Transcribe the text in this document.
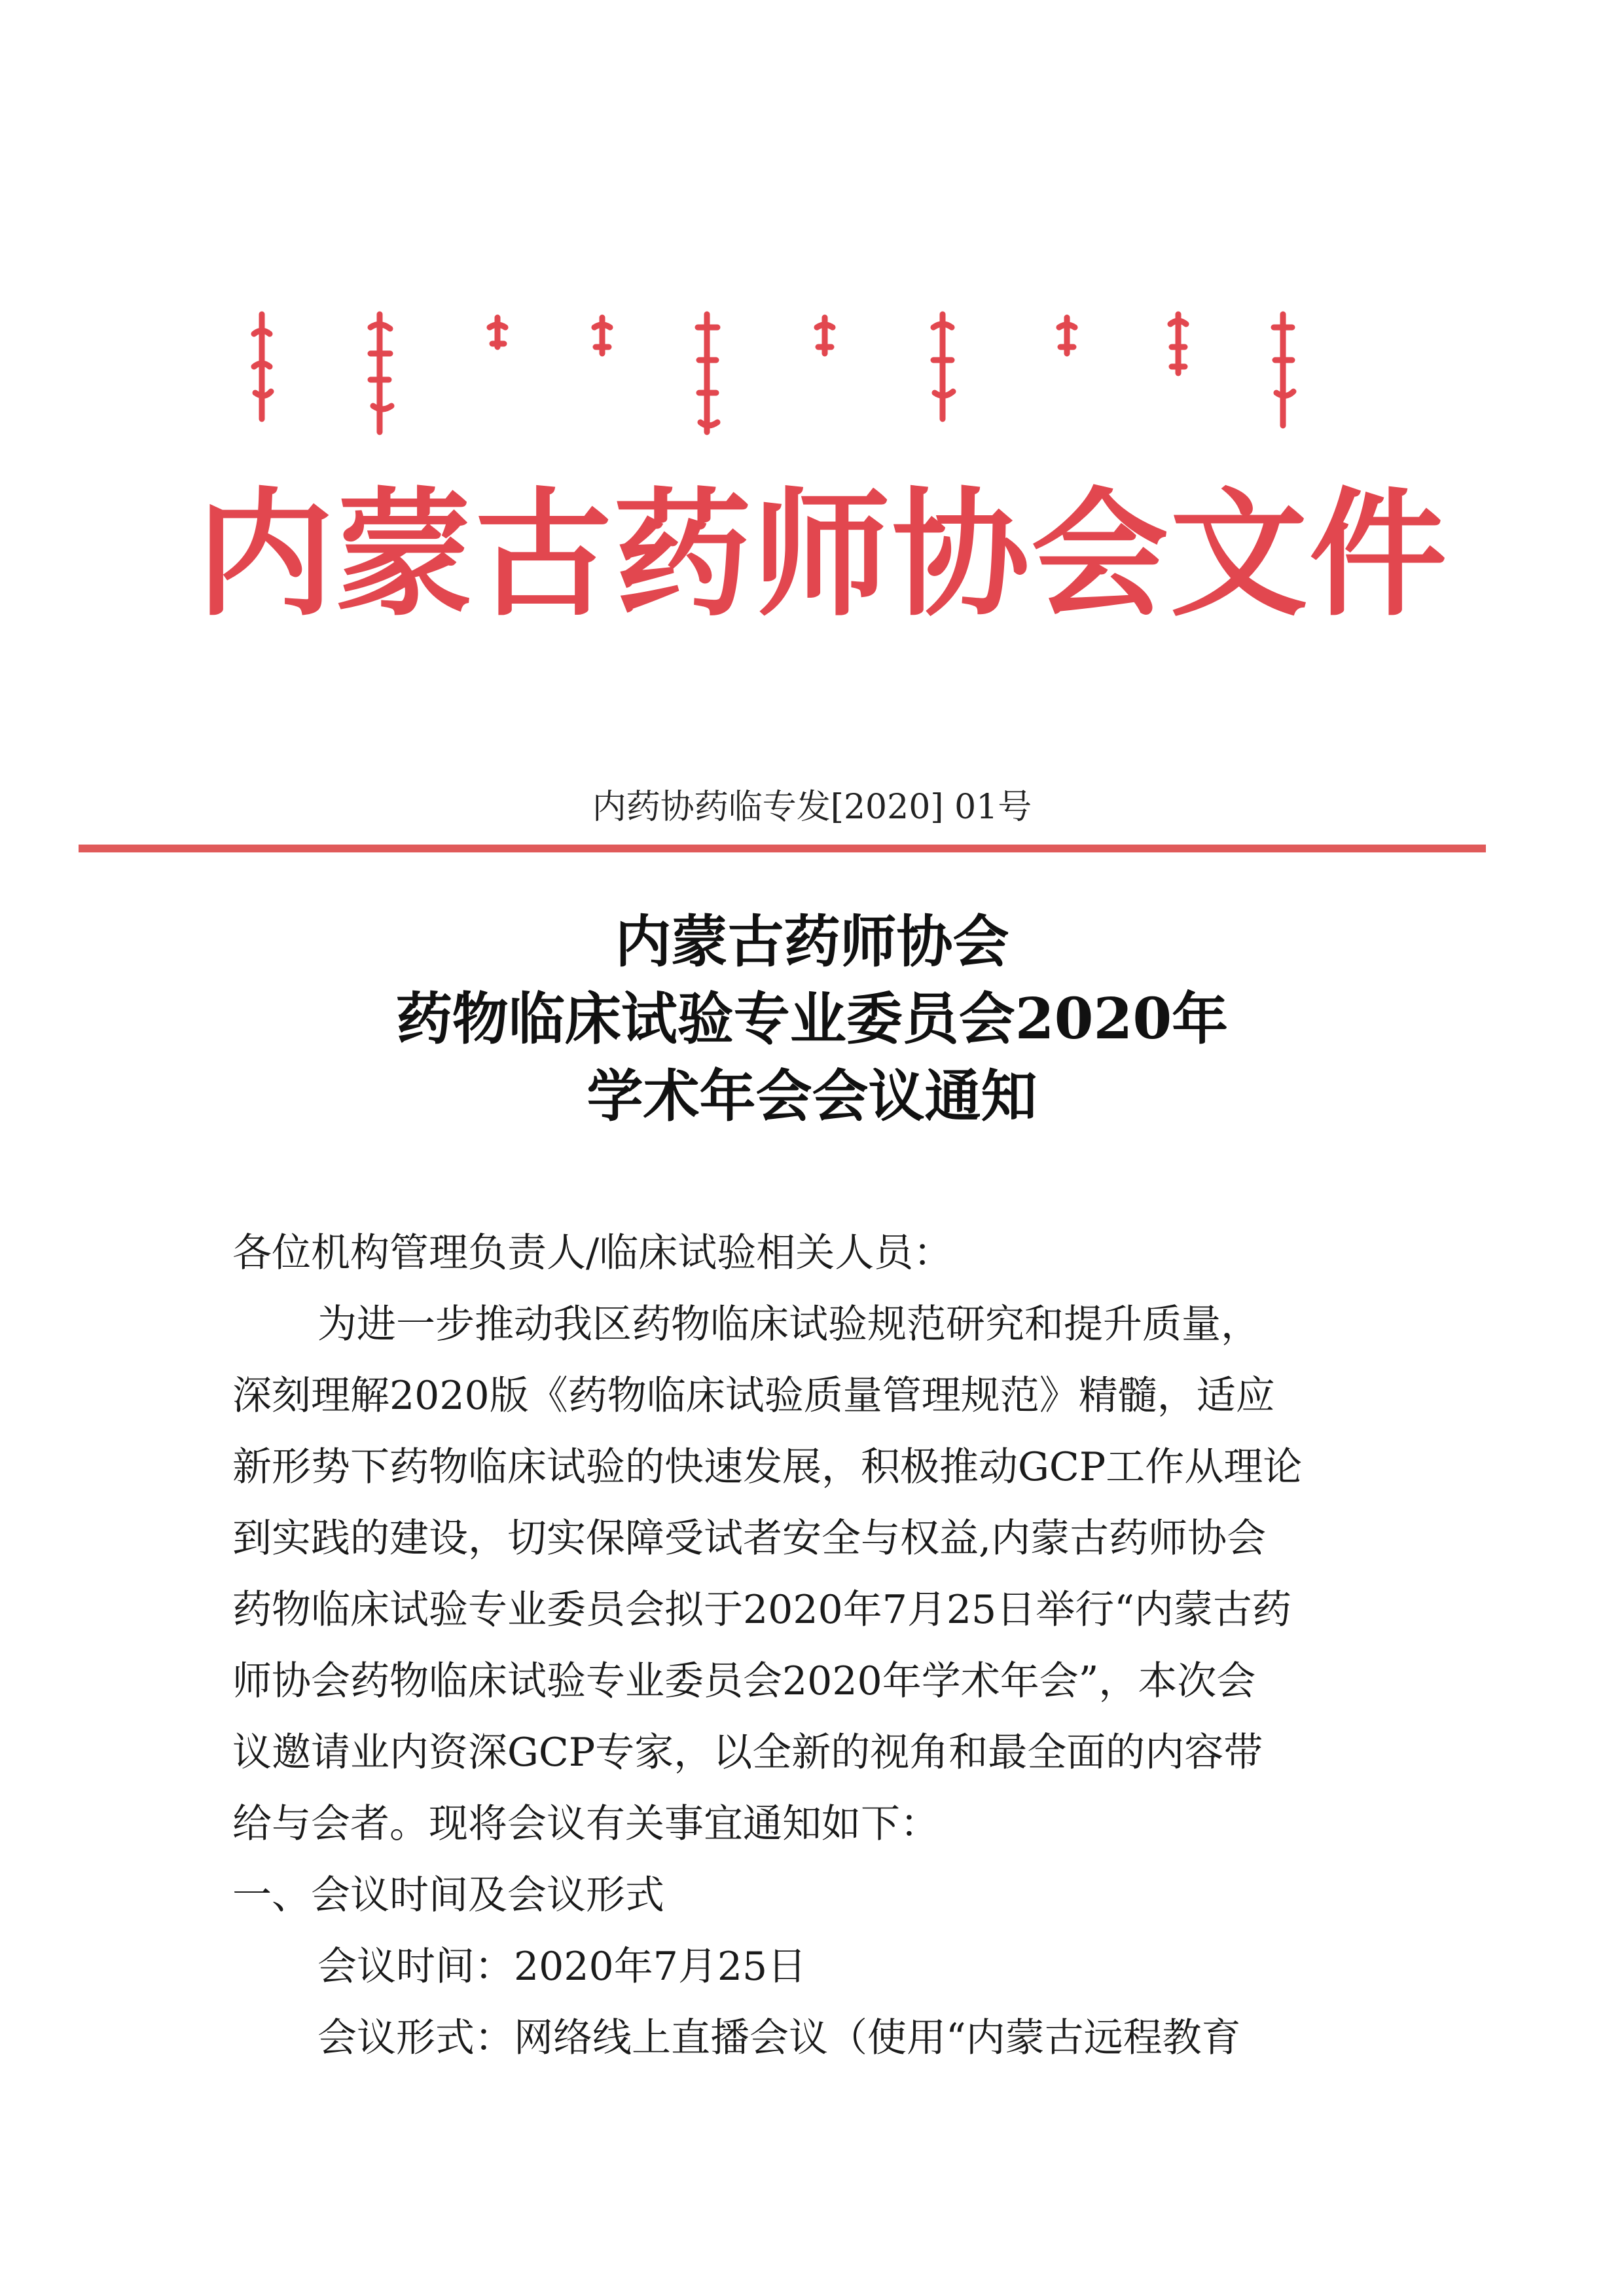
内 蒙 古 药 师 协 会 文 件
内药协药临专发[2020] 01号
内蒙古药师协会
药物临床试验专业委员会2020年
学术年会会议通知
各位机构管理负责人/临床试验相关人员：
为进一步推动我区药物临床试验规范研究和提升质量，
深刻理解2020版《药物临床试验质量管理规范》精髓，适应
新形势下药物临床试验的快速发展，积极推动GCP工作从理论
到实践的建设，切实保障受试者安全与权益,内蒙古药师协会
药物临床试验专业委员会拟于2020年7月25日举行“内蒙古药
师协会药物临床试验专业委员会2020年学术年会”，本次会
议邀请业内资深GCP专家，以全新的视角和最全面的内容带
给与会者。现将会议有关事宜通知如下：
一、会议时间及会议形式
会议时间：2020年7月25日
会议形式：网络线上直播会议（使用“内蒙古远程教育
